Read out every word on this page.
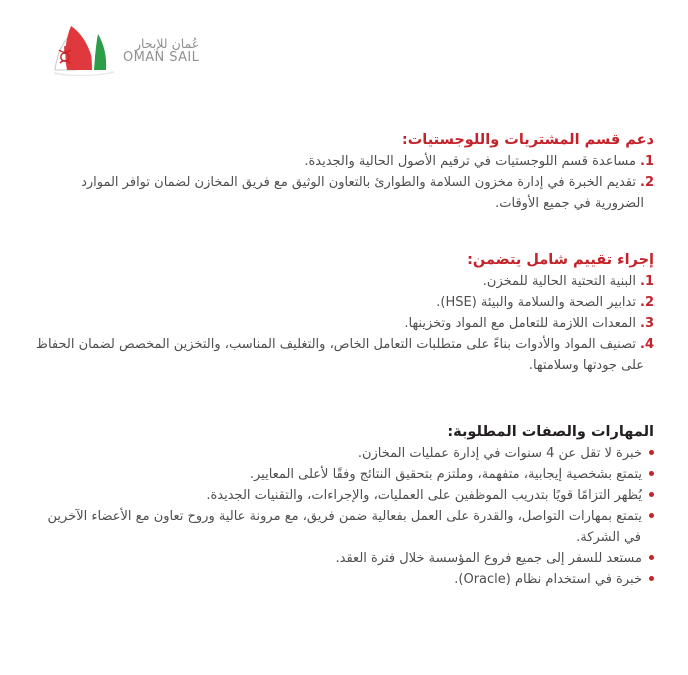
عُمان للإبحار
OMAN SAIL
دعم قسم المشتريات واللوجستيات:
1.مساعدة قسم اللوجستيات في ترقيم الأصول الحالية والجديدة.
2.تقديم الخبرة في إدارة مخزون السلامة والطوارئ بالتعاون الوثيق مع فريق المخازن لضمان توافر الموارد الضرورية في جميع الأوقات.
إجراء تقييم شامل يتضمن:
1.البنية التحتية الحالية للمخزن.
2.تدابير الصحة والسلامة والبيئة (HSE).
3.المعدات اللازمة للتعامل مع المواد وتخزينها.
4.تصنيف المواد والأدوات بناءً على متطلبات التعامل الخاص، والتغليف المناسب، والتخزين المخصص لضمان الحفاظ على جودتها وسلامتها.
المهارات والصفات المطلوبة:
خبرة لا تقل عن 4 سنوات في إدارة عمليات المخازن.
يتمتع بشخصية إيجابية، متفهمة، وملتزم بتحقيق النتائج وفقًا لأعلى المعايير.
يُظهر التزامًا قويًا بتدريب الموظفين على العمليات، والإجراءات، والتقنيات الجديدة.
يتمتع بمهارات التواصل، والقدرة على العمل بفعالية ضمن فريق، مع مرونة عالية وروح تعاون مع الأعضاء الآخرين في الشركة.
مستعد للسفر إلى جميع فروع المؤسسة خلال فترة العقد.
خبرة في استخدام نظام (Oracle).
